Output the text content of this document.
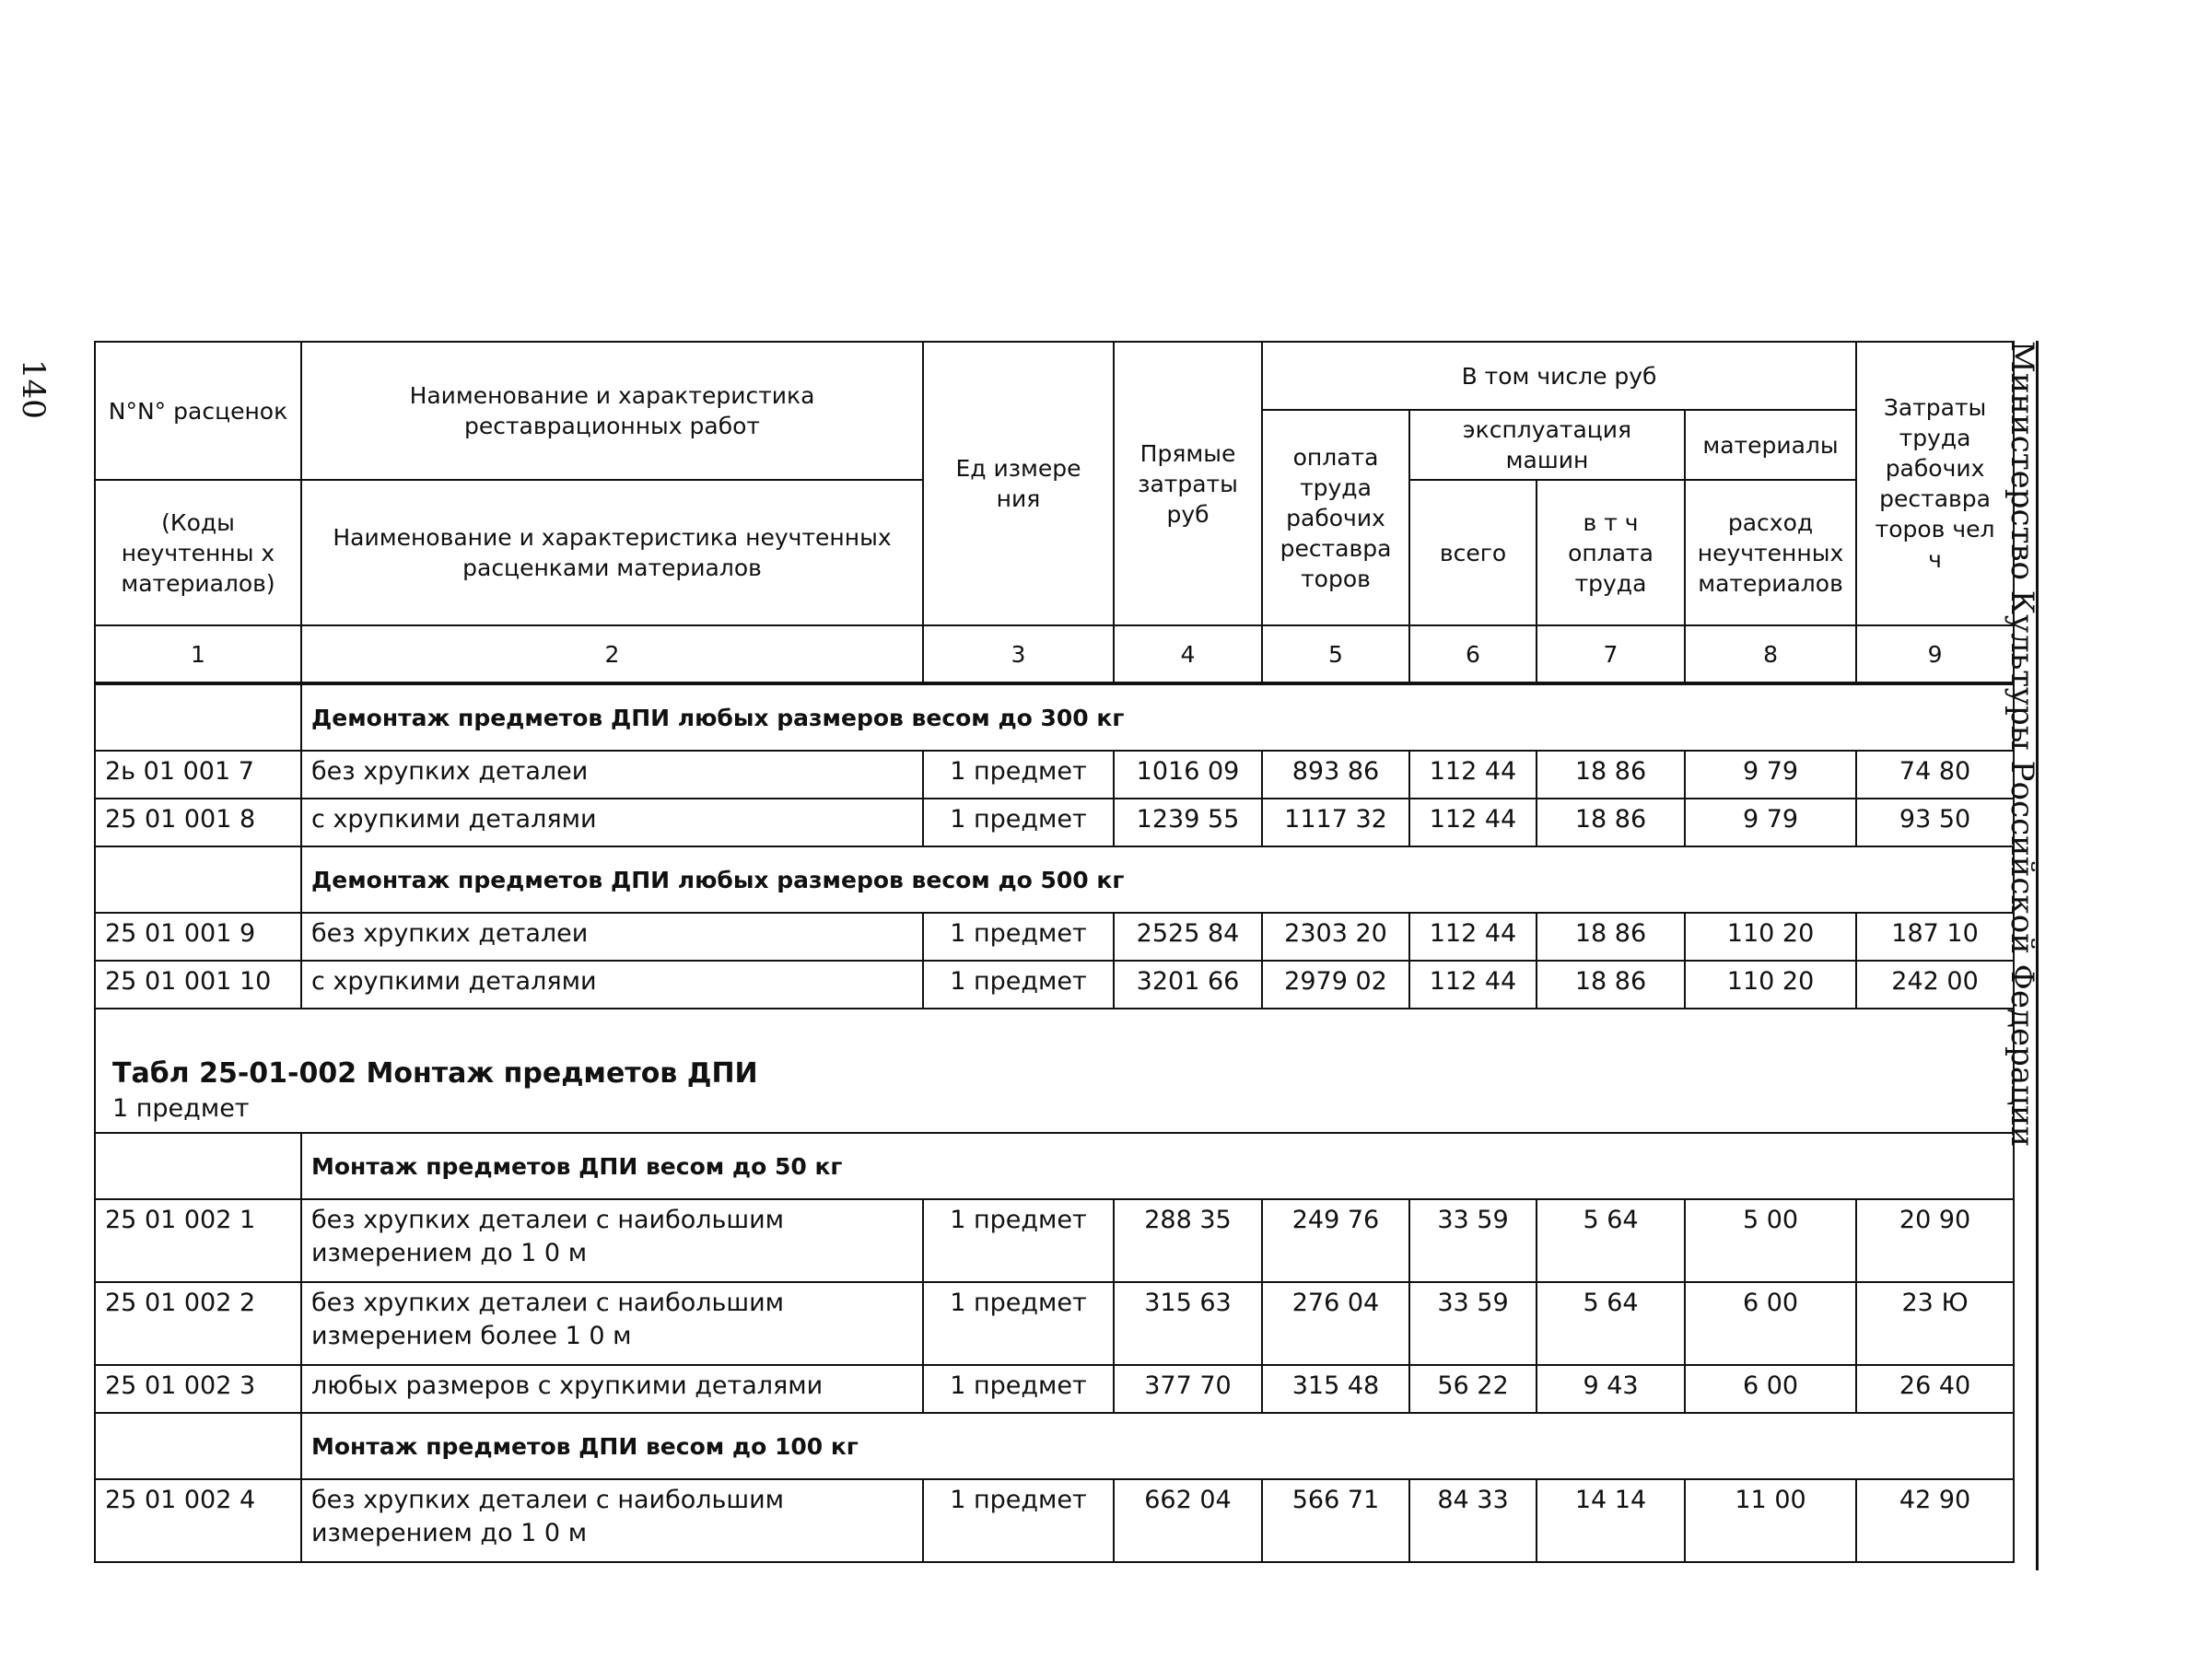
140	Министерство Культуры Российской Федерации
N°N° расценок	Наименование и характеристика реставрационных работ	Ед измере ния	Прямые затраты руб	В том числе руб				Затраты труда рабочих реставра торов чел ч
				оплата труда рабочих реставра торов	эксплуатация машин		материалы	
(Коды неучтенны х материалов)	Наименование и характеристика неучтенных расценками материалов				всего	в т ч оплата труда	расход неучтенных материалов	

1	2	3	4	5	6	7	8	9
	Демонтаж предметов ДПИ любых размеров весом до 300 кг							
2ь 01 001 7	без хрупких деталеи	1 предмет	1016 09	893 86	112 44	18 86	9 79	74 80
25 01 001 8	с хрупкими деталями	1 предмет	1239 55	1117 32	112 44	18 86	9 79	93 50
	Демонтаж предметов ДПИ любых размеров весом до 500 кг							
25 01 001 9	без хрупких деталеи	1 предмет	2525 84	2303 20	112 44	18 86	110 20	187 10
25 01 001 10	с хрупкими деталями	1 предмет	3201 66	2979 02	112 44	18 86	110 20	242 00

Табл 25-01-002 Монтаж предметов ДПИ
1 предмет								

	Монтаж предметов ДПИ весом до 50 кг							
25 01 002 1	без хрупких деталеи с наибольшим измерением до 1 0 м	1 предмет	288 35	249 76	33 59	5 64	5 00	20 90
25 01 002 2	без хрупких деталеи с наибольшим измерением более 1 0 м	1 предмет	315 63	276 04	33 59	5 64	6 00	23 Ю
25 01 002 3	любых размеров с хрупкими деталями	1 предмет	377 70	315 48	56 22	9 43	6 00	26 40
	Монтаж предметов ДПИ весом до 100 кг							
25 01 002 4	без хрупких деталеи с наибольшим измерением до 1 0 м	1 предмет	662 04	566 71	84 33	14 14	11 00	42 90
